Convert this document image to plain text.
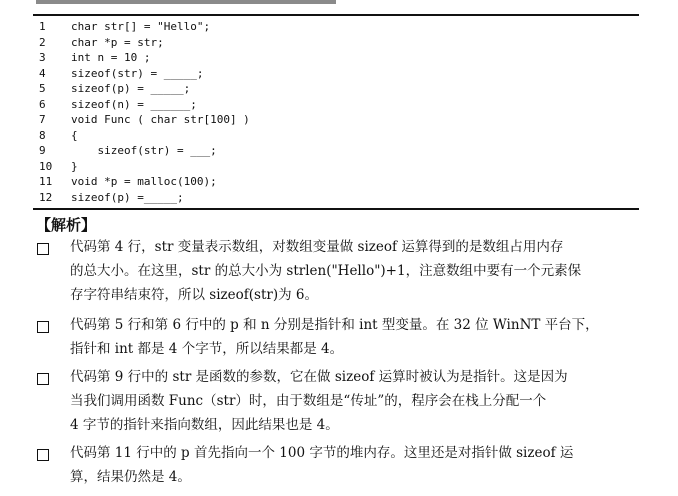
1	char str[] = "Hello";
2	char *p = str;
3	int n = 10 ;
4	sizeof(str) = _____;
5	sizeof(p) = _____;
6	sizeof(n) = ______;
7	void Func ( char str[100] )
8	{
9	sizeof(str) = ___;
10	}
11	void *p = malloc(100);
12	sizeof(p) =_____;
【解析】
代码第 4 行，str 变量表示数组，对数组变量做 sizeof 运算得到的是数组占用内存
的总大小。在这里，str 的总大小为 strlen("Hello")+1，注意数组中要有一个元素保
存字符串结束符，所以 sizeof(str)为 6。
代码第 5 行和第 6 行中的 p 和 n 分别是指针和 int 型变量。在 32 位 WinNT 平台下，
指针和 int 都是 4 个字节，所以结果都是 4。
代码第 9 行中的 str 是函数的参数，它在做 sizeof 运算时被认为是指针。这是因为
当我们调用函数 Func（str）时，由于数组是“传址”的，程序会在栈上分配一个
4 字节的指针来指向数组，因此结果也是 4。
代码第 11 行中的 p 首先指向一个 100 字节的堆内存。这里还是对指针做 sizeof 运
算，结果仍然是 4。
